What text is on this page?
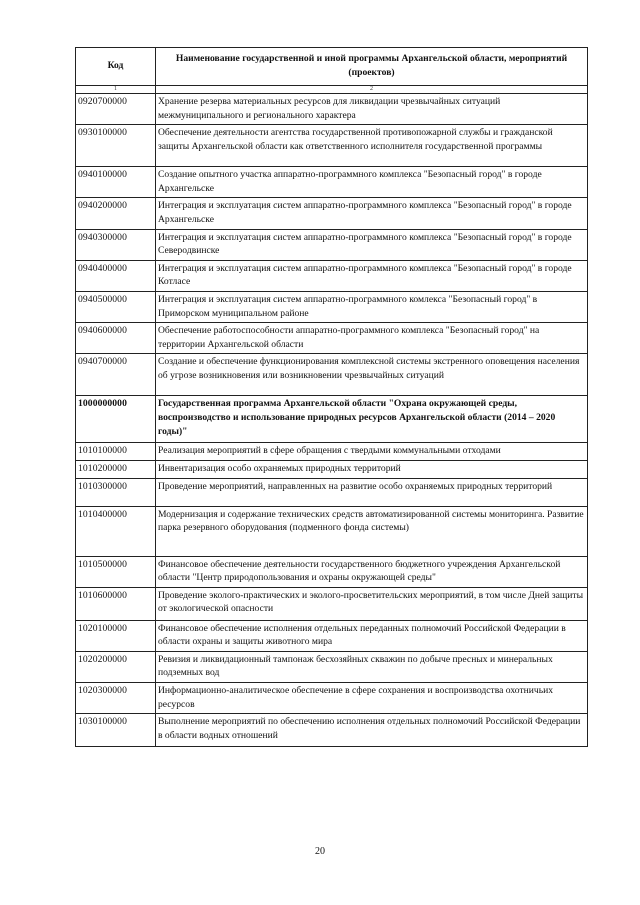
Код	Наименование государственной и иной программы Архангельской области, мероприятий (проектов)
1	2
0920700000	Хранение резерва материальных ресурсов для ликвидации чрезвычайных ситуаций межмуниципального и регионального характера
0930100000	Обеспечение деятельности агентства государственной противопожарной службы и гражданской защиты Архангельской области как ответственного исполнителя государственной программы
0940100000	Создание опытного участка аппаратно-программного комплекса "Безопасный город" в городе Архангельске
0940200000	Интеграция и эксплуатация систем аппаратно-программного комплекса "Безопасный город" в городе Архангельске
0940300000	Интеграция и эксплуатация систем аппаратно-программного комплекса "Безопасный город" в городе Северодвинске
0940400000	Интеграция и эксплуатация систем аппаратно-программного комплекса "Безопасный город" в городе Котласе
0940500000	Интеграция и эксплуатация систем аппаратно-программного комлекса "Безопасный город" в Приморском муниципальном районе
0940600000	Обеспечение работоспособности аппаратно-программного комплекса "Безопасный город" на территории Архангельской области
0940700000	Создание и обеспечение функционирования комплексной системы экстренного оповещения населения об угрозе возникновения или возникновении чрезвычайных ситуаций
1000000000	Государственная программа Архангельской области "Охрана окружающей среды, воспроизводство и использование природных ресурсов Архангельской области (2014 – 2020 годы)"
1010100000	Реализация мероприятий в сфере обращения с твердыми коммунальными отходами
1010200000	Инвентаризация особо охраняемых природных территорий
1010300000	Проведение мероприятий, направленных на развитие особо охраняемых природных территорий
1010400000	Модернизация и содержание технических средств автоматизированной системы мониторинга. Развитие парка резервного оборудования (подменного фонда системы)
1010500000	Финансовое обеспечение деятельности государственного бюджетного учреждения Архангельской области "Центр природопользования и охраны окружающей среды"
1010600000	Проведение эколого-практических и эколого-просветительских мероприятий, в том числе Дней защиты от экологической опасности
1020100000	Финансовое обеспечение исполнения отдельных переданных полномочий Российской Федерации в области охраны и защиты животного мира
1020200000	Ревизия и ликвидационный тампонаж бесхозяйных скважин по добыче пресных и минеральных подземных вод
1020300000	Информационно-аналитическое обеспечение в сфере сохранения и воспроизводства охотничьих ресурсов
1030100000	Выполнение мероприятий по обеспечению исполнения отдельных полномочий Российской Федерации в области водных отношений
20
